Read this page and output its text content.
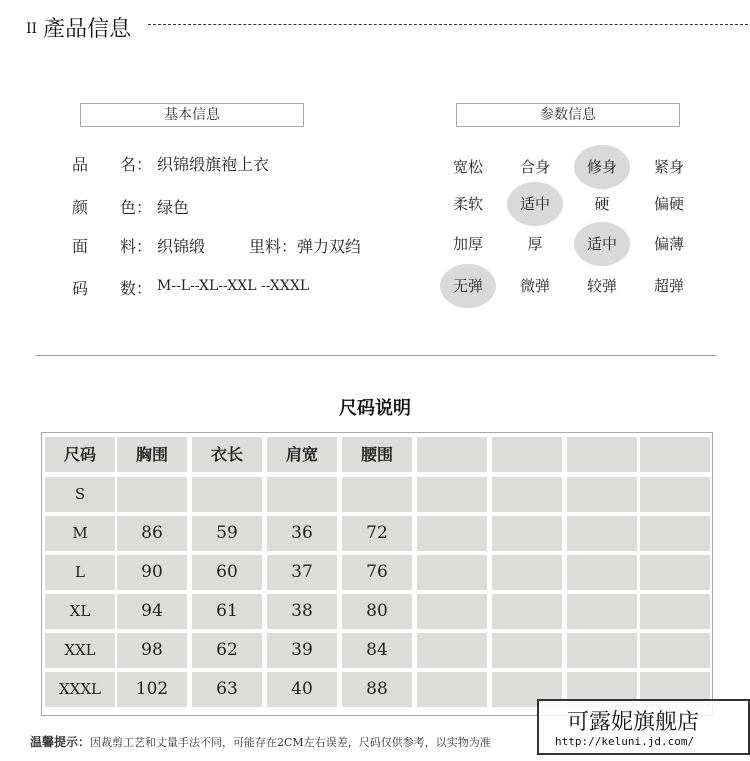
II 產品信息
基本信息	参数信息
品 名： 织锦缎旗袍上衣
颜 色： 绿色
面 料： 织锦缎	里料：弹力双绉
码 数： M--L--XL--XXL --XXXL
宽松	合身	修身	紧身
柔软	适中	硬	偏硬
加厚	厚	适中	偏薄
无弹	微弹	较弹	超弹
尺码说明
尺码	胸围	衣长	肩宽	腰围
S
M	86	59	36	72
L	90	60	37	76
XL	94	61	38	80
XXL	98	62	39	84
XXXL	102	63	40	88
温馨提示：因裁剪工艺和丈量手法不同，可能存在2CM左右误差，尺码仅供参考，以实物为准
可露妮旗舰店
http://keluni.jd.com/
